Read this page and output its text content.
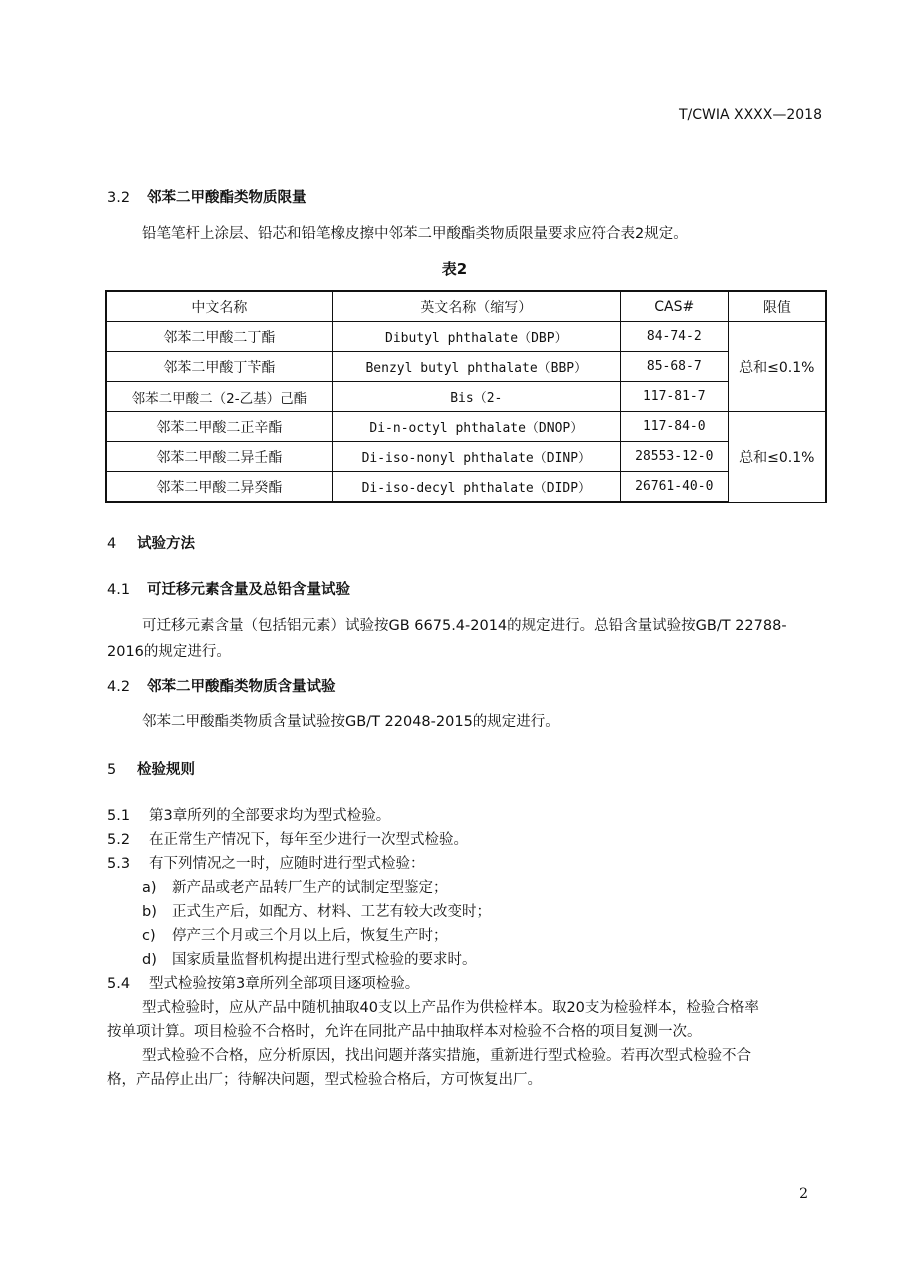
T/CWIA XXXX—2018
3.2 邻苯二甲酸酯类物质限量
铅笔笔杆上涂层、铅芯和铅笔橡皮擦中邻苯二甲酸酯类物质限量要求应符合表2规定。
表2
中文名称	英文名称（缩写）	CAS#	限值
邻苯二甲酸二丁酯	Dibutyl phthalate（DBP）	84-74-2	总和≤0.1%
邻苯二甲酸丁苄酯	Benzyl butyl phthalate（BBP）	85-68-7	
邻苯二甲酸二（2-乙基）己酯	Bis（2-	117-81-7	
邻苯二甲酸二正辛酯	Di-n-octyl phthalate（DNOP）	117-84-0	总和≤0.1%
邻苯二甲酸二异壬酯	Di-iso-nonyl phthalate（DINP）	28553-12-0	
邻苯二甲酸二异癸酯	Di-iso-decyl phthalate（DIDP）	26761-40-0	
4 试验方法
4.1 可迁移元素含量及总铅含量试验
可迁移元素含量（包括铝元素）试验按GB 6675.4-2014的规定进行。总铅含量试验按GB/T 22788-
2016的规定进行。
4.2 邻苯二甲酸酯类物质含量试验
邻苯二甲酸酯类物质含量试验按GB/T 22048-2015的规定进行。
5 检验规则
5.1 第3章所列的全部要求均为型式检验。
5.2 在正常生产情况下，每年至少进行一次型式检验。
5.3 有下列情况之一时，应随时进行型式检验：
a) 新产品或老产品转厂生产的试制定型鉴定；
b) 正式生产后，如配方、材料、工艺有较大改变时；
c) 停产三个月或三个月以上后，恢复生产时；
d) 国家质量监督机构提出进行型式检验的要求时。
5.4 型式检验按第3章所列全部项目逐项检验。
型式检验时，应从产品中随机抽取40支以上产品作为供检样本。取20支为检验样本，检验合格率
按单项计算。项目检验不合格时，允许在同批产品中抽取样本对检验不合格的项目复测一次。
型式检验不合格，应分析原因，找出问题并落实措施，重新进行型式检验。若再次型式检验不合
格，产品停止出厂；待解决问题，型式检验合格后，方可恢复出厂。
2
